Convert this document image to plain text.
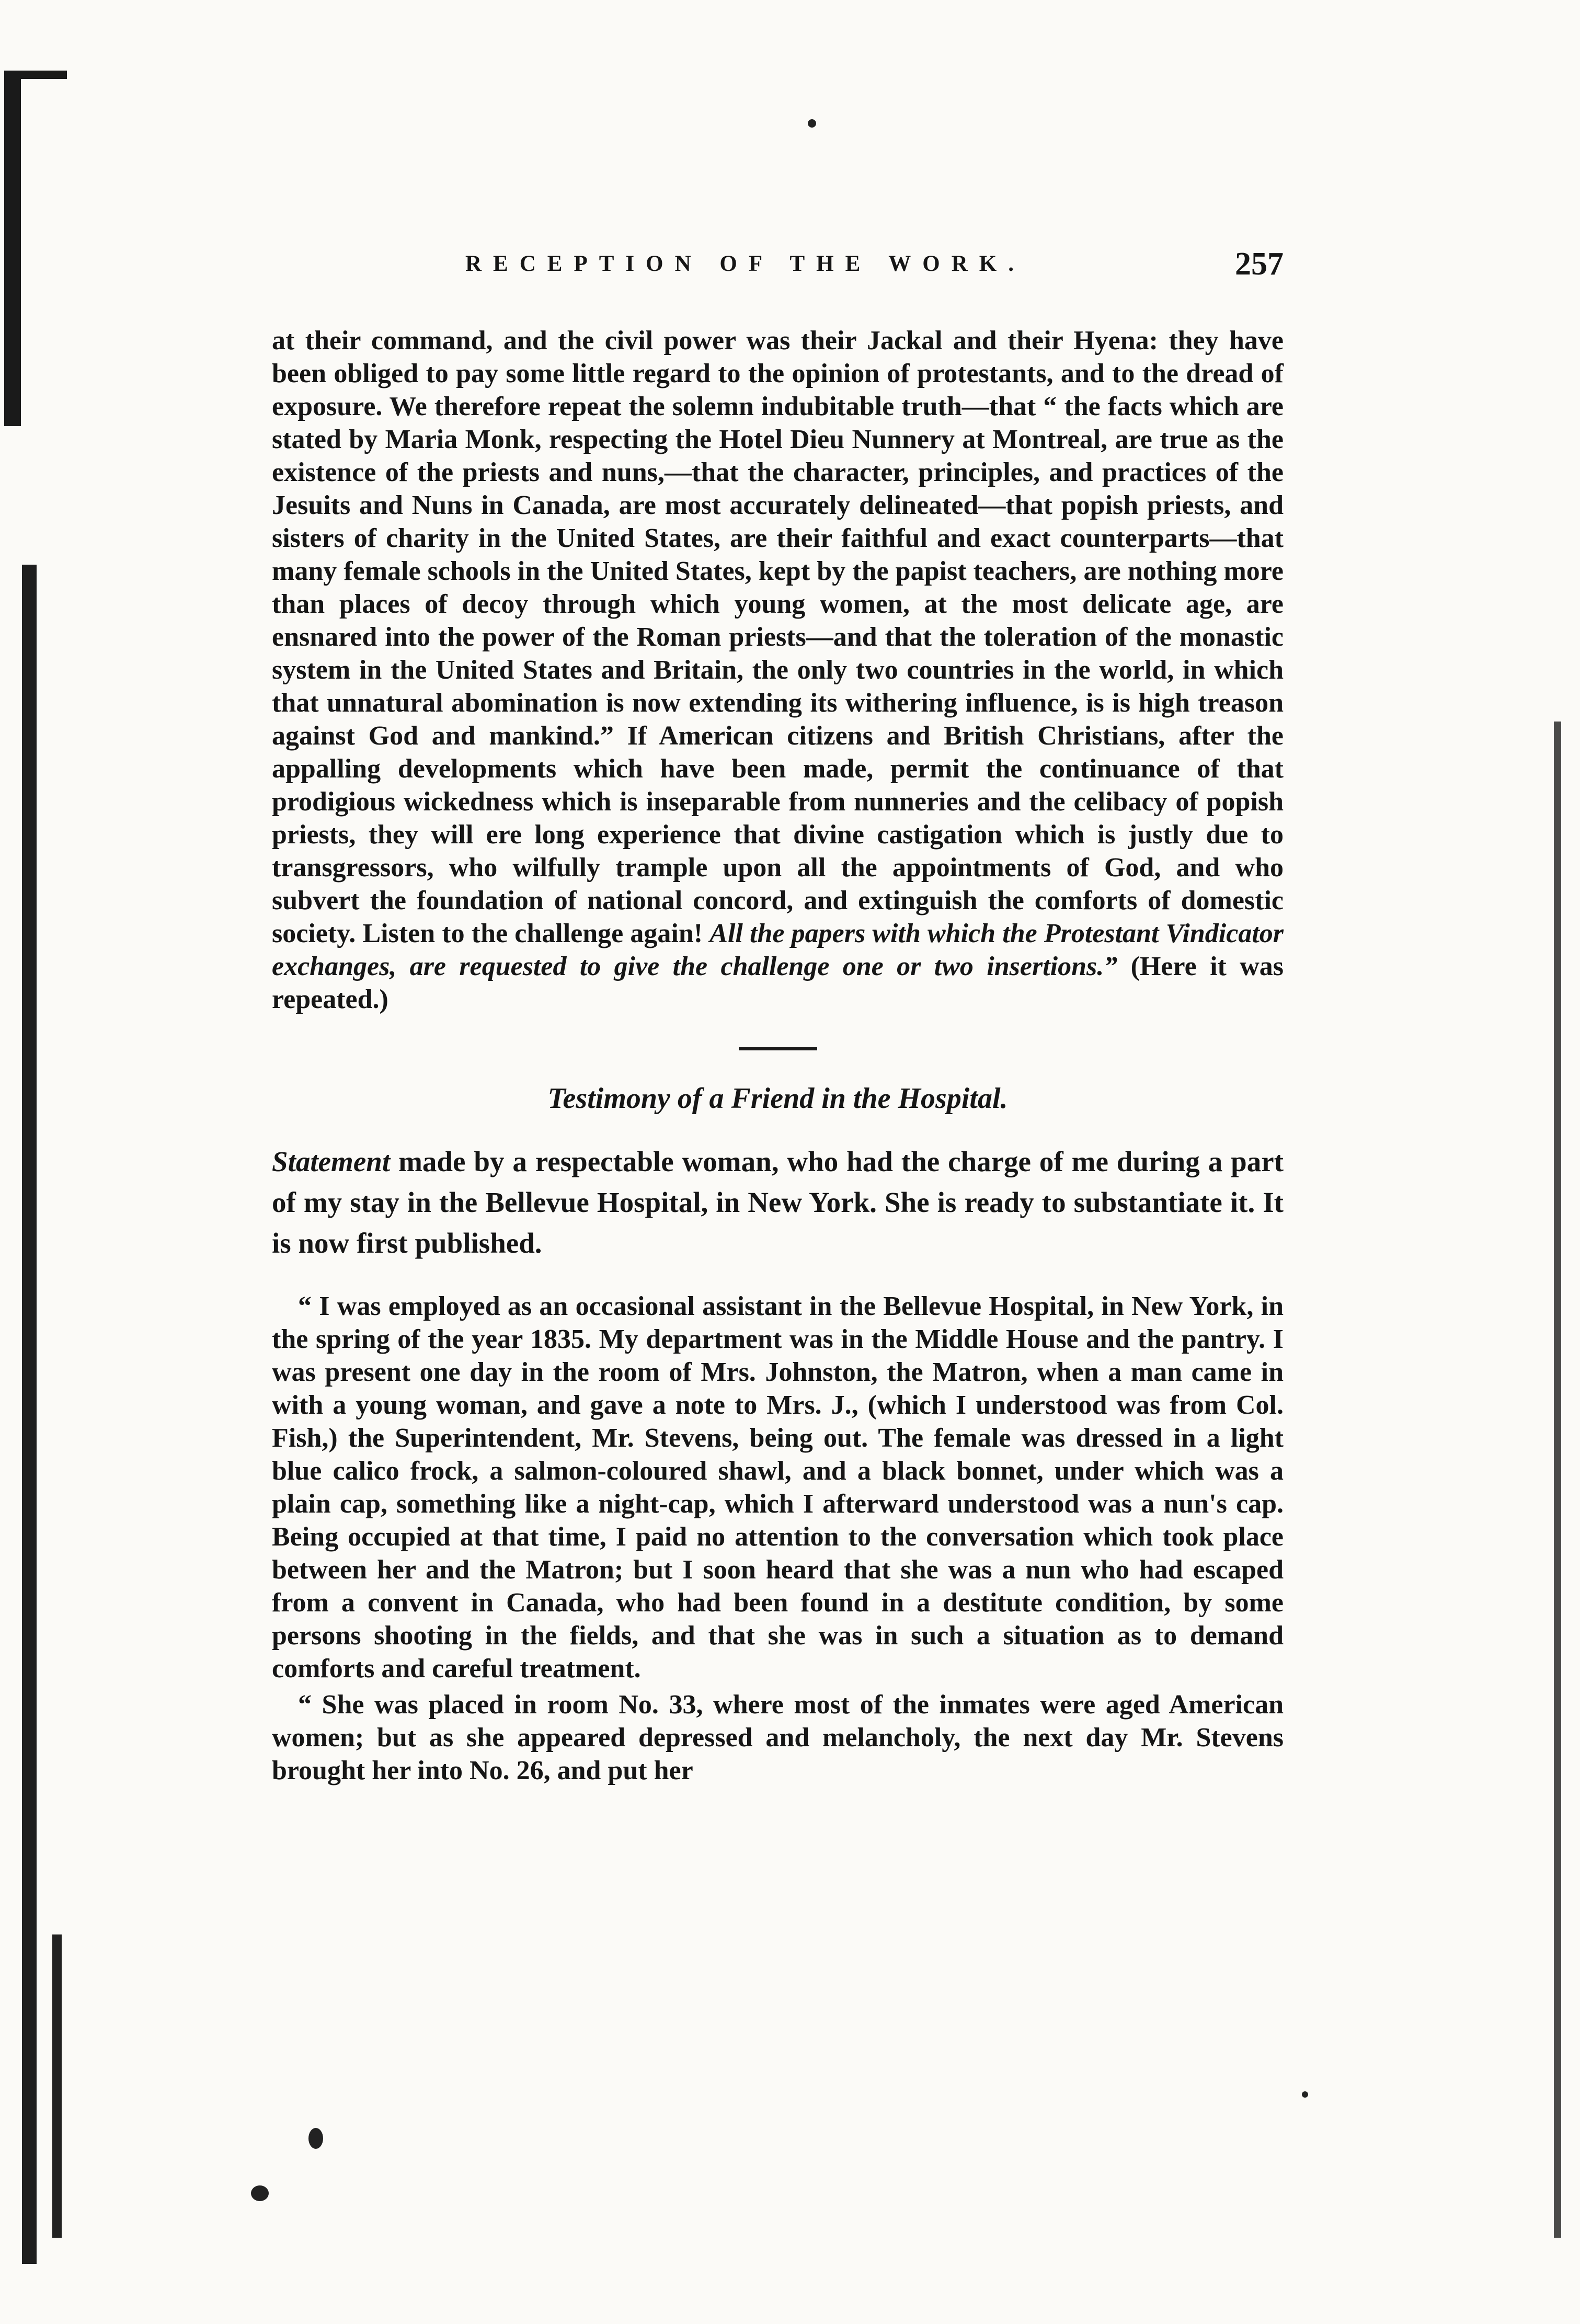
RECEPTION OF THE WORK.	257

at their command, and the civil power was their Jackal and their Hyena: they have been obliged to pay some little regard to the opinion of protestants, and to the dread of exposure. We therefore repeat the solemn indubitable truth—that “ the facts which are stated by Maria Monk, respecting the Hotel Dieu Nunnery at Montreal, are true as the existence of the priests and nuns,—that the character, principles, and practices of the Jesuits and Nuns in Canada, are most accurately delineated—that popish priests, and sisters of charity in the United States, are their faithful and exact counterparts—that many female schools in the United States, kept by the papist teachers, are nothing more than places of decoy through which young women, at the most delicate age, are ensnared into the power of the Roman priests—and that the toleration of the monastic system in the United States and Britain, the only two countries in the world, in which that unnatural abomination is now extending its withering influence, is is high treason against God and mankind.” If American citizens and British Christians, after the appalling developments which have been made, permit the continuance of that prodigious wickedness which is inseparable from nunneries and the celibacy of popish priests, they will ere long experience that divine castigation which is justly due to transgressors, who wilfully trample upon all the appointments of God, and who subvert the foundation of national concord, and extinguish the comforts of domestic society. Listen to the challenge again! All the papers with which the Protestant Vindicator exchanges, are requested to give the challenge one or two insertions.” (Here it was repeated.)

Testimony of a Friend in the Hospital.

Statement made by a respectable woman, who had the charge of me during a part of my stay in the Bellevue Hospital, in New York. She is ready to substantiate it. It is now first published.

“ I was employed as an occasional assistant in the Bellevue Hospital, in New York, in the spring of the year 1835. My department was in the Middle House and the pantry. I was present one day in the room of Mrs. Johnston, the Matron, when a man came in with a young woman, and gave a note to Mrs. J., (which I understood was from Col. Fish,) the Superintendent, Mr. Stevens, being out. The female was dressed in a light blue calico frock, a salmon-coloured shawl, and a black bonnet, under which was a plain cap, something like a night-cap, which I afterward understood was a nun's cap. Being occupied at that time, I paid no attention to the conversation which took place between her and the Matron; but I soon heard that she was a nun who had escaped from a convent in Canada, who had been found in a destitute condition, by some persons shooting in the fields, and that she was in such a situation as to demand comforts and careful treatment.

“ She was placed in room No. 33, where most of the inmates were aged American women; but as she appeared depressed and melancholy, the next day Mr. Stevens brought her into No. 26, and put her
